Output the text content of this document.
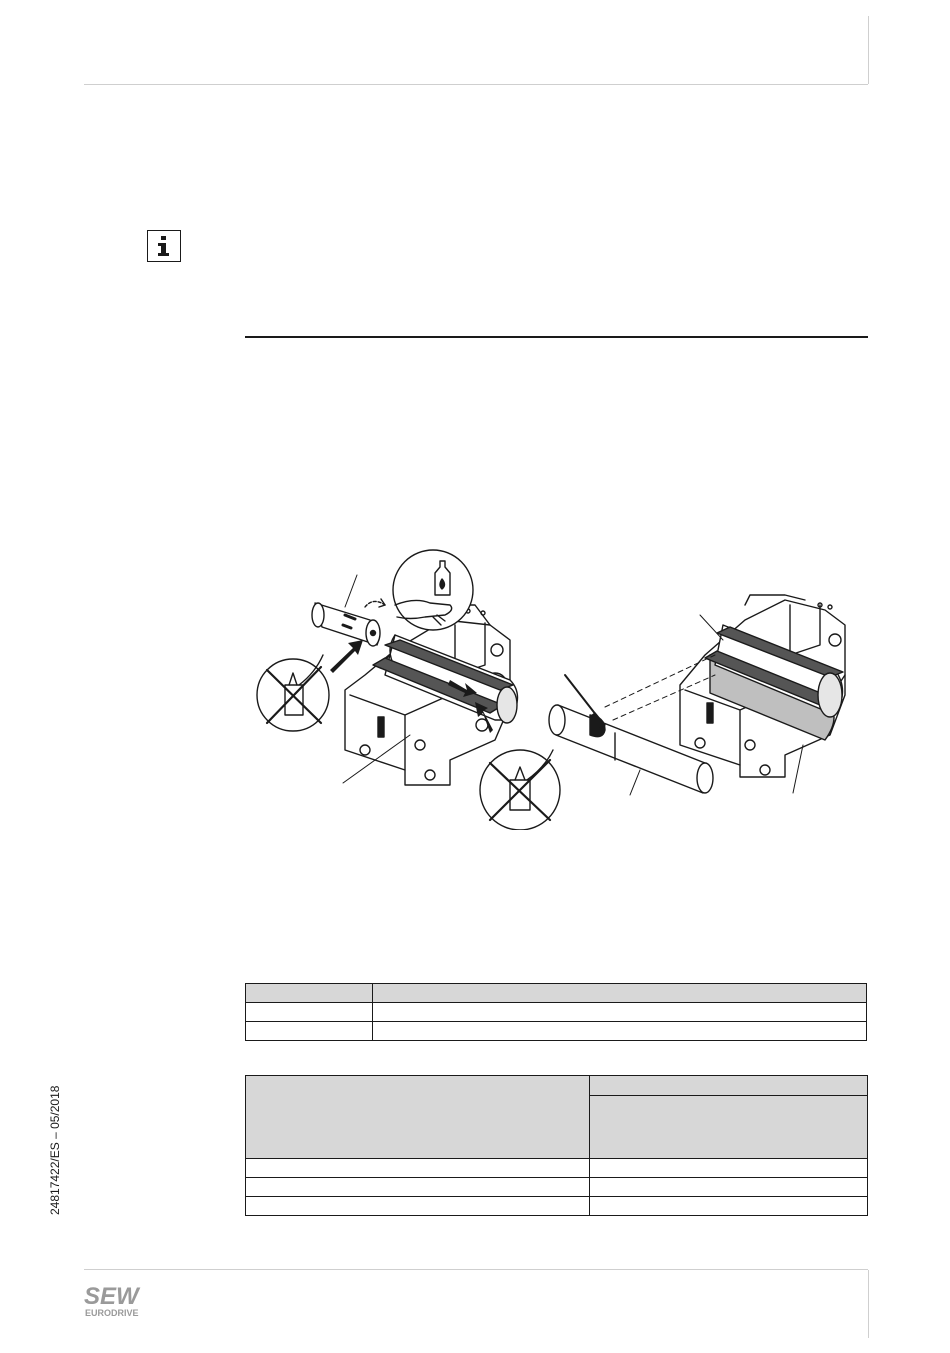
24817422/ES – 05/2018
SEW
EURODRIVE
